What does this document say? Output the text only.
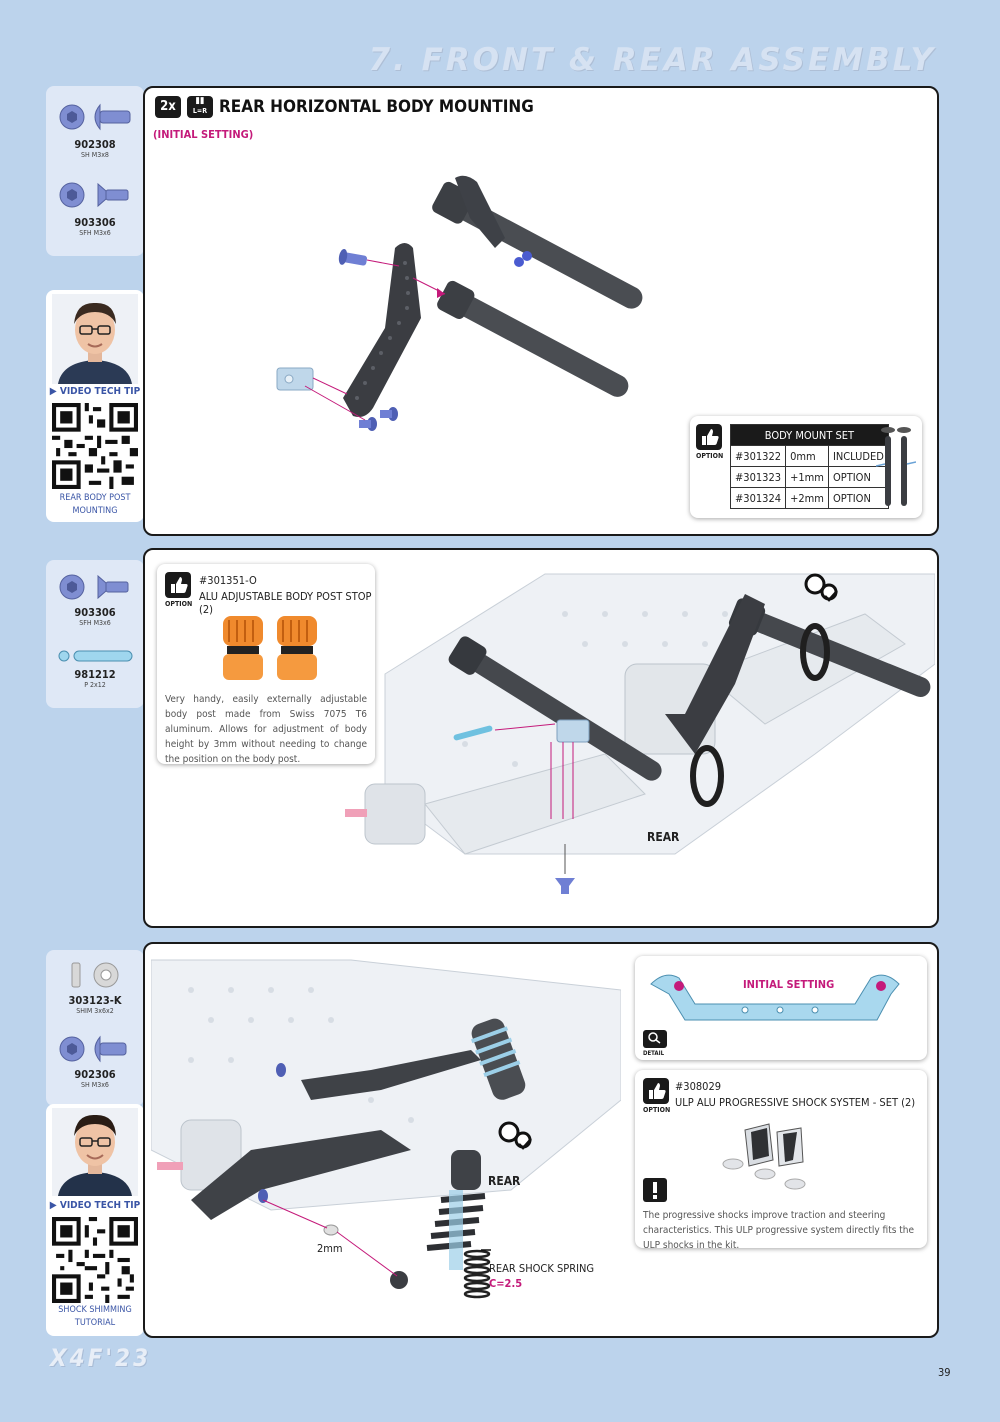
7. FRONT & REAR ASSEMBLY
902308
SH M3x8
903306
SFH M3x6
▶ VIDEO TECH TIP
REAR BODY POST
MOUNTING
2x	▮▮
L=R REAR HORIZONTAL BODY MOUNTING
(INITIAL SETTING)
OPTION
BODY MOUNT SET		
#301322	0mm	INCLUDED
#301323	+1mm	OPTION
#301324	+2mm	OPTION
903306
SFH M3x6
981212
P 2x12
REAR
OPTION
#301351-O
ALU ADJUSTABLE BODY POST STOP (2)
Very handy, easily externally adjustable body post made from Swiss 7075 T6 aluminum. Allows for adjustment of body height by 3mm without needing to change the position on the body post.
303123-K
SHIM 3x6x2
902306
SH M3x6
▶ VIDEO TECH TIP
SHOCK SHIMMING
TUTORIAL
REAR
2mm
REAR SHOCK SPRING
C=2.5
INITIAL SETTING
DETAIL
OPTION
#308029
ULP ALU PROGRESSIVE SHOCK SYSTEM - SET (2)
The progressive shocks improve traction and steering characteristics. This ULP progressive system directly fits the ULP shocks in the kit.
X4F'23
39
